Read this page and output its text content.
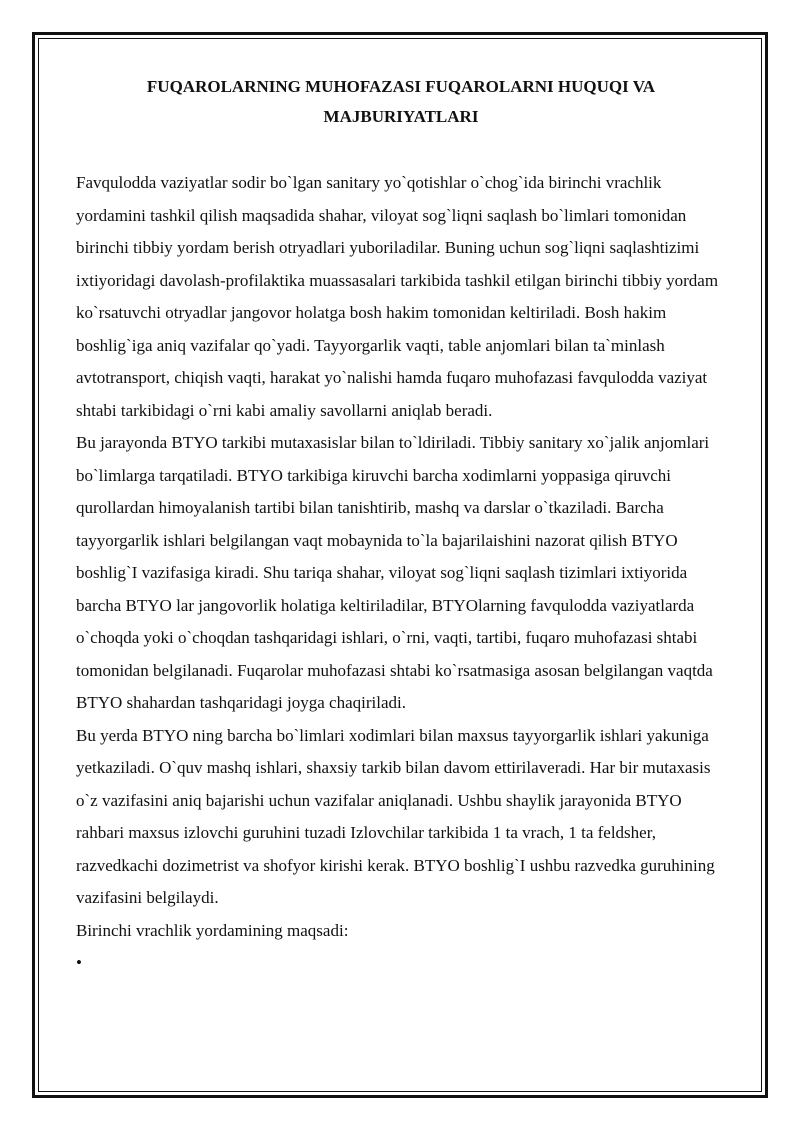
FUQAROLARNING MUHOFAZASI FUQAROLARNI HUQUQI VA MAJBURIYATLARI

Favqulodda vaziyatlar sodir bo`lgan sanitary yo`qotishlar o`chog`ida birinchi vrachlik yordamini tashkil qilish maqsadida shahar, viloyat sog`liqni saqlash bo`limlari tomonidan birinchi tibbiy yordam berish otryadlari yuboriladilar. Buning uchun sog`liqni saqlashtizimi ixtiyoridagi davolash-profilaktika muassasalari tarkibida tashkil etilgan birinchi tibbiy yordam ko`rsatuvchi otryadlar jangovor holatga bosh hakim tomonidan keltiriladi. Bosh hakim boshlig`iga aniq vazifalar qo`yadi. Tayyorgarlik vaqti, table anjomlari bilan ta`minlash avtotransport, chiqish vaqti, harakat yo`nalishi hamda fuqaro muhofazasi favqulodda vaziyat shtabi tarkibidagi o`rni kabi amaliy savollarni aniqlab beradi.

Bu jarayonda BTYO tarkibi mutaxasislar bilan to`ldiriladi. Tibbiy sanitary xo`jalik anjomlari bo`limlarga tarqatiladi. BTYO tarkibiga kiruvchi barcha xodimlarni yoppasiga qiruvchi qurollardan himoyalanish tartibi bilan tanishtirib, mashq va darslar o`tkaziladi. Barcha tayyorgarlik ishlari belgilangan vaqt mobaynida to`la bajarilaishini nazorat qilish BTYO boshlig`I vazifasiga kiradi. Shu tariqa shahar, viloyat sog`liqni saqlash tizimlari ixtiyorida barcha BTYO lar jangovorlik holatiga keltiriladilar, BTYOlarning favqulodda vaziyatlarda o`choqda yoki o`choqdan tashqaridagi ishlari, o`rni, vaqti, tartibi, fuqaro muhofazasi shtabi tomonidan belgilanadi. Fuqarolar muhofazasi shtabi ko`rsatmasiga asosan belgilangan vaqtda BTYO shahardan tashqaridagi joyga chaqiriladi.

Bu yerda BTYO ning barcha bo`limlari xodimlari bilan maxsus tayyorgarlik ishlari yakuniga yetkaziladi. O`quv mashq ishlari, shaxsiy tarkib bilan davom ettirilaveradi. Har bir mutaxasis o`z vazifasini aniq bajarishi uchun vazifalar aniqlanadi. Ushbu shaylik jarayonida BTYO rahbari maxsus izlovchi guruhini tuzadi Izlovchilar tarkibida 1 ta vrach, 1 ta feldsher, razvedkachi dozimetrist va shofyor kirishi kerak. BTYO boshlig`I ushbu razvedka guruhining vazifasini belgilaydi.

Birinchi vrachlik yordamining maqsadi:

•
